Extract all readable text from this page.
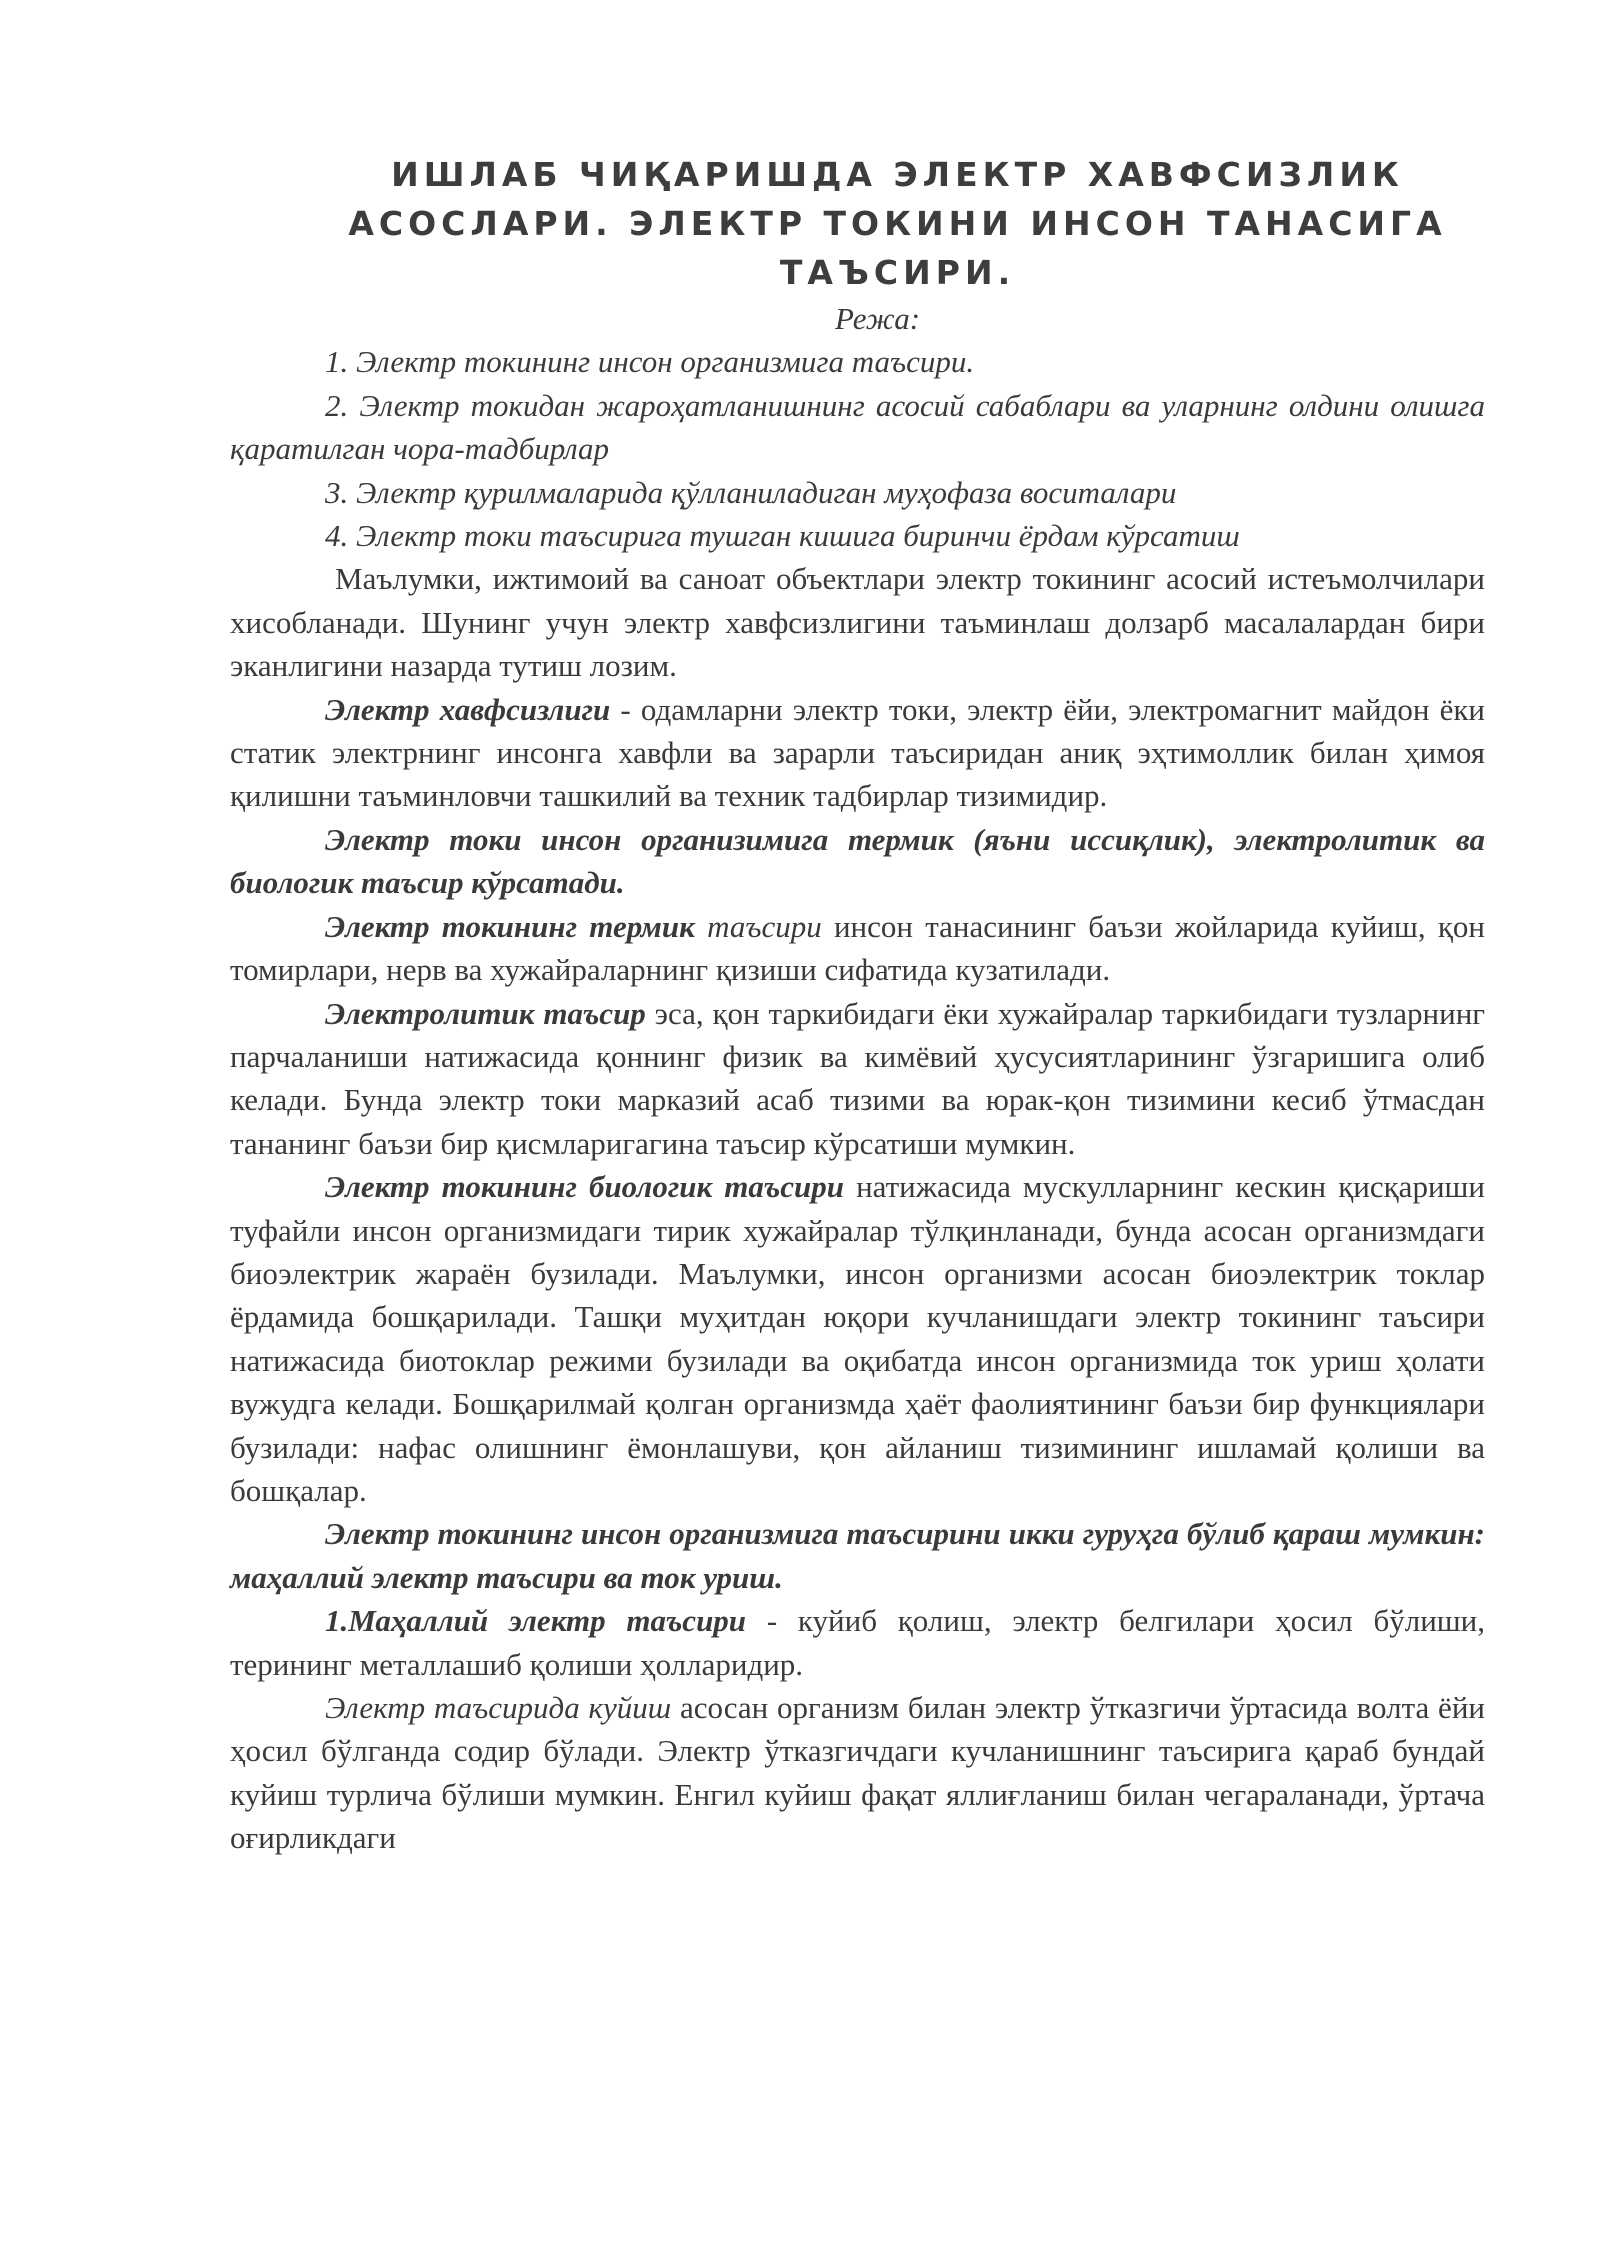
ИШЛАБ ЧИҚАРИШДА ЭЛЕКТР ХАВФСИЗЛИК АСОСЛАРИ. ЭЛЕКТР ТОКИНИ ИНСОН ТАНАСИГА ТАЪСИРИ.

Режа:

1. Электр токининг инсон организмига таъсири.

2. Электр токидан жароҳатланишнинг асосий сабаблари ва уларнинг олдини олишга қаратилган чора-тадбирлар

3. Электр қурилмаларида қўлланиладиган муҳофаза воситалари

4. Электр токи таъсирига тушган кишига биринчи ёрдам кўрсатиш

Маълумки, ижтимоий ва саноат объектлари электр токининг асосий истеъмолчилари хисобланади. Шунинг учун электр хавфсизлигини таъминлаш долзарб масалалардан бири эканлигини назарда тутиш лозим.

Электр хавфсизлиги - одамларни электр токи, электр ёйи, электромагнит майдон ёки статик электрнинг инсонга хавфли ва зарарли таъсиридан аниқ эҳтимоллик билан ҳимоя қилишни таъминловчи ташкилий ва техник тадбирлар тизимидир.

Электр токи инсон организимига термик (яъни иссиқлик), электролитик ва биологик таъсир кўрсатади.

Электр токининг термик таъсири инсон танасининг баъзи жойларида куйиш, қон томирлари, нерв ва хужайраларнинг қизиши сифатида кузатилади.

Электролитик таъсир эса, қон таркибидаги ёки хужайралар таркибидаги тузларнинг парчаланиши натижасида қоннинг физик ва кимёвий ҳусусиятларининг ўзгаришига олиб келади. Бунда электр токи марказий асаб тизими ва юрак-қон тизимини кесиб ўтмасдан тананинг баъзи бир қисмларигагина таъсир кўрсатиши мумкин.

Электр токининг биологик таъсири натижасида мускулларнинг кескин қисқариши туфайли инсон организмидаги тирик хужайралар тўлқинланади, бунда асосан организмдаги биоэлектрик жараён бузилади. Маълумки, инсон организми асосан биоэлектрик токлар ёрдамида бошқарилади. Ташқи муҳитдан юқори кучланишдаги электр токининг таъсири натижасида биотоклар режими бузилади ва оқибатда инсон организмида ток уриш ҳолати вужудга келади. Бошқарилмай қолган организмда ҳаёт фаолиятининг баъзи бир функциялари бузилади: нафас олишнинг ёмонлашуви, қон айланиш тизимининг ишламай қолиши ва бошқалар.

Электр токининг инсон организмига таъсирини икки гуруҳга бўлиб қараш мумкин: маҳаллий электр таъсири ва ток уриш.

1.Маҳаллий электр таъсири - куйиб қолиш, электр белгилари ҳосил бўлиши, терининг металлашиб қолиши ҳолларидир.

Электр таъсирида куйиш асосан организм билан электр ўтказгичи ўртасида волта ёйи ҳосил бўлганда содир бўлади. Электр ўтказгичдаги кучланишнинг таъсирига қараб бундай куйиш турлича бўлиши мумкин. Енгил куйиш фақат яллиғланиш билан чегараланади, ўртача оғирликдаги
